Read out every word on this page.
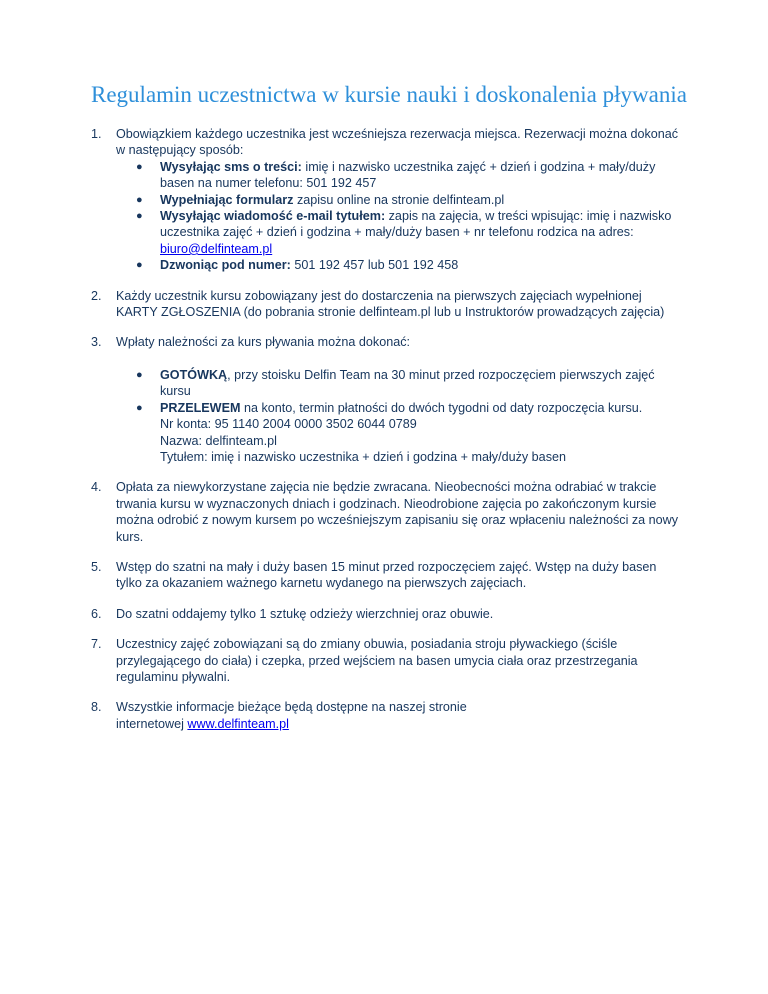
Regulamin uczestnictwa w kursie nauki i doskonalenia pływania
1. Obowiązkiem każdego uczestnika jest wcześniejsza rezerwacja miejsca. Rezerwacji można dokonać w następujący sposób:
● Wysyłając sms o treści: imię i nazwisko uczestnika zajęć + dzień i godzina + mały/duży basen na numer telefonu: 501 192 457
● Wypełniając formularz zapisu online na stronie delfinteam.pl
● Wysyłając wiadomość e-mail tytułem: zapis na zajęcia, w treści wpisując: imię i nazwisko uczestnika zajęć + dzień i godzina + mały/duży basen + nr telefonu rodzica na adres: biuro@delfinteam.pl
● Dzwoniąc pod numer: 501 192 457 lub 501 192 458
2. Każdy uczestnik kursu zobowiązany jest do dostarczenia na pierwszych zajęciach wypełnionej KARTY ZGŁOSZENIA (do pobrania stronie delfinteam.pl lub u Instruktorów prowadzących zajęcia)
3. Wpłaty należności za kurs pływania można dokonać:
● GOTÓWKĄ, przy stoisku Delfin Team na 30 minut przed rozpoczęciem pierwszych zajęć kursu
● PRZELEWEM na konto, termin płatności do dwóch tygodni od daty rozpoczęcia kursu.
Nr konta: 95 1140 2004 0000 3502 6044 0789
Nazwa: delfinteam.pl
Tytułem: imię i nazwisko uczestnika + dzień i godzina + mały/duży basen
4. Opłata za niewykorzystane zajęcia nie będzie zwracana. Nieobecności można odrabiać w trakcie trwania kursu w wyznaczonych dniach i godzinach. Nieodrobione zajęcia po zakończonym kursie można odrobić z nowym kursem po wcześniejszym zapisaniu się oraz wpłaceniu należności za nowy kurs.
5. Wstęp do szatni na mały i duży basen 15 minut przed rozpoczęciem zajęć. Wstęp na duży basen tylko za okazaniem ważnego karnetu wydanego na pierwszych zajęciach.
6. Do szatni oddajemy tylko 1 sztukę odzieży wierzchniej oraz obuwie.
7. Uczestnicy zajęć zobowiązani są do zmiany obuwia, posiadania stroju pływackiego (ściśle przylegającego do ciała) i czepka, przed wejściem na basen umycia ciała oraz przestrzegania regulaminu pływalni.
8. Wszystkie informacje bieżące będą dostępne na naszej stronie
internetowej www.delfinteam.pl
